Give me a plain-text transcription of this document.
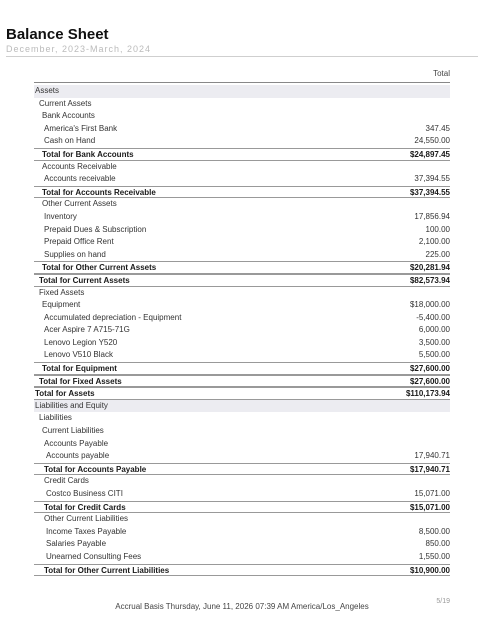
Balance Sheet
December, 2023-March, 2024
Total
Assets
Current Assets
Bank Accounts
America's First Bank	347.45
Cash on Hand	24,550.00
Total for Bank Accounts	$24,897.45
Accounts Receivable
Accounts receivable	37,394.55
Total for Accounts Receivable	$37,394.55
Other Current Assets
Inventory	17,856.94
Prepaid Dues & Subscription	100.00
Prepaid Office Rent	2,100.00
Supplies on hand	225.00
Total for Other Current Assets	$20,281.94
Total for Current Assets	$82,573.94
Fixed Assets
Equipment	$18,000.00
Accumulated depreciation - Equipment	-5,400.00
Acer Aspire 7 A715-71G	6,000.00
Lenovo Legion Y520	3,500.00
Lenovo V510 Black	5,500.00
Total for Equipment	$27,600.00
Total for Fixed Assets	$27,600.00
Total for Assets	$110,173.94
Liabilities and Equity
Liabilities
Current Liabilities
Accounts Payable
Accounts payable	17,940.71
Total for Accounts Payable	$17,940.71
Credit Cards
Costco Business CITI	15,071.00
Total for Credit Cards	$15,071.00
Other Current Liabilities
Income Taxes Payable	8,500.00
Salaries Payable	850.00
Unearned Consulting Fees	1,550.00
Total for Other Current Liabilities	$10,900.00
5/19
Accrual Basis Thursday, June 11, 2026 07:39 AM America/Los_Angeles
